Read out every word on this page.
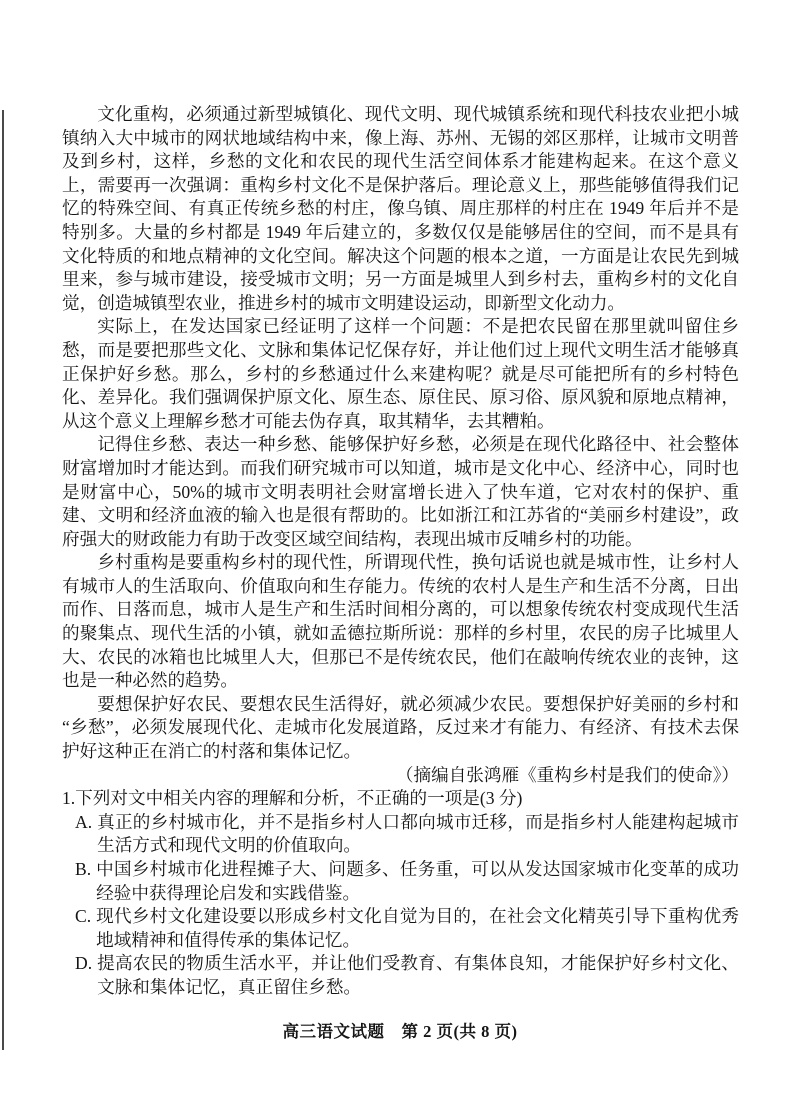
文化重构，必须通过新型城镇化、现代文明、现代城镇系统和现代科技农业把小城镇纳入大中城市的网状地域结构中来，像上海、苏州、无锡的郊区那样，让城市文明普及到乡村，这样，乡愁的文化和农民的现代生活空间体系才能建构起来。在这个意义上，需要再一次强调：重构乡村文化不是保护落后。理论意义上，那些能够值得我们记忆的特殊空间、有真正传统乡愁的村庄，像乌镇、周庄那样的村庄在 1949 年后并不是特别多。大量的乡村都是 1949 年后建立的，多数仅仅是能够居住的空间，而不是具有文化特质的和地点精神的文化空间。解决这个问题的根本之道，一方面是让农民先到城里来，参与城市建设，接受城市文明；另一方面是城里人到乡村去，重构乡村的文化自觉，创造城镇型农业，推进乡村的城市文明建设运动，即新型文化动力。

实际上，在发达国家已经证明了这样一个问题：不是把农民留在那里就叫留住乡愁，而是要把那些文化、文脉和集体记忆保存好，并让他们过上现代文明生活才能够真正保护好乡愁。那么，乡村的乡愁通过什么来建构呢？就是尽可能把所有的乡村特色化、差异化。我们强调保护原文化、原生态、原住民、原习俗、原风貌和原地点精神，从这个意义上理解乡愁才可能去伪存真，取其精华，去其糟粕。

记得住乡愁、表达一种乡愁、能够保护好乡愁，必须是在现代化路径中、社会整体财富增加时才能达到。而我们研究城市可以知道，城市是文化中心、经济中心，同时也是财富中心，50%的城市文明表明社会财富增长进入了快车道，它对农村的保护、重建、文明和经济血液的输入也是很有帮助的。比如浙江和江苏省的“美丽乡村建设”，政府强大的财政能力有助于改变区域空间结构，表现出城市反哺乡村的功能。

乡村重构是要重构乡村的现代性，所谓现代性，换句话说也就是城市性，让乡村人有城市人的生活取向、价值取向和生存能力。传统的农村人是生产和生活不分离，日出而作、日落而息，城市人是生产和生活时间相分离的，可以想象传统农村变成现代生活的聚集点、现代生活的小镇，就如孟德拉斯所说：那样的乡村里，农民的房子比城里人大、农民的冰箱也比城里人大，但那已不是传统农民，他们在敲响传统农业的丧钟，这也是一种必然的趋势。

要想保护好农民、要想农民生活得好，就必须减少农民。要想保护好美丽的乡村和“乡愁”，必须发展现代化、走城市化发展道路，反过来才有能力、有经济、有技术去保护好这种正在消亡的村落和集体记忆。

（摘编自张鸿雁《重构乡村是我们的使命》）

1.下列对文中相关内容的理解和分析，不正确的一项是(3 分)
A. 真正的乡村城市化，并不是指乡村人口都向城市迁移，而是指乡村人能建构起城市生活方式和现代文明的价值取向。
B. 中国乡村城市化进程摊子大、问题多、任务重，可以从发达国家城市化变革的成功经验中获得理论启发和实践借鉴。
C. 现代乡村文化建设要以形成乡村文化自觉为目的，在社会文化精英引导下重构优秀地域精神和值得传承的集体记忆。
D. 提高农民的物质生活水平，并让他们受教育、有集体良知，才能保护好乡村文化、文脉和集体记忆，真正留住乡愁。
高三语文试题　第 2 页(共 8 页)
